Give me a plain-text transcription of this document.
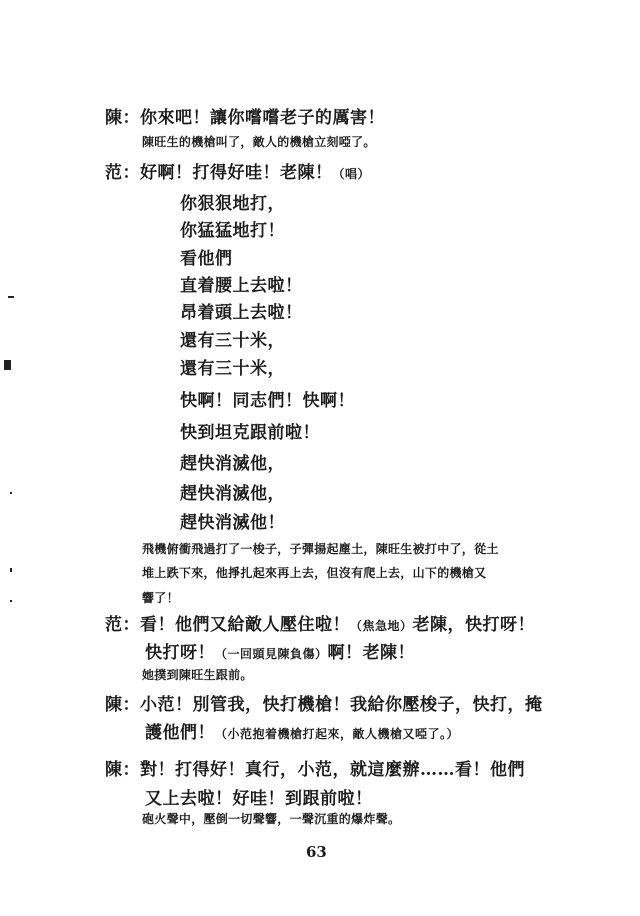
陳：你來吧！讓你嚐嚐老子的厲害！
陳旺生的機槍叫了，敵人的機槍立刻啞了。
范：好啊！打得好哇！老陳！（唱）
你狠狠地打，
你猛猛地打！
看他們
直着腰上去啦！
昂着頭上去啦！
還有三十米，
還有三十米，
快啊！同志們！快啊！
快到坦克跟前啦！
趕快消滅他，
趕快消滅他，
趕快消滅他！
飛機俯衝飛過打了一梭子，子彈揚起塵土，陳旺生被打中了，從土
堆上跌下來，他掙扎起來再上去，但沒有爬上去，山下的機槍又
響了！
范：看！他們又給敵人壓住啦！（焦急地）老陳，快打呀！
快打呀！（一回頭見陳負傷）啊！老陳！
她撲到陳旺生跟前。
陳：小范！別管我，快打機槍！我給你壓梭子，快打，掩
護他們！（小范抱着機槍打起來，敵人機槍又啞了。）
陳：對！打得好！真行，小范，就這麼辦……看！他們
又上去啦！好哇！到跟前啦！
砲火聲中，壓倒一切聲響，一聲沉重的爆炸聲。
63
